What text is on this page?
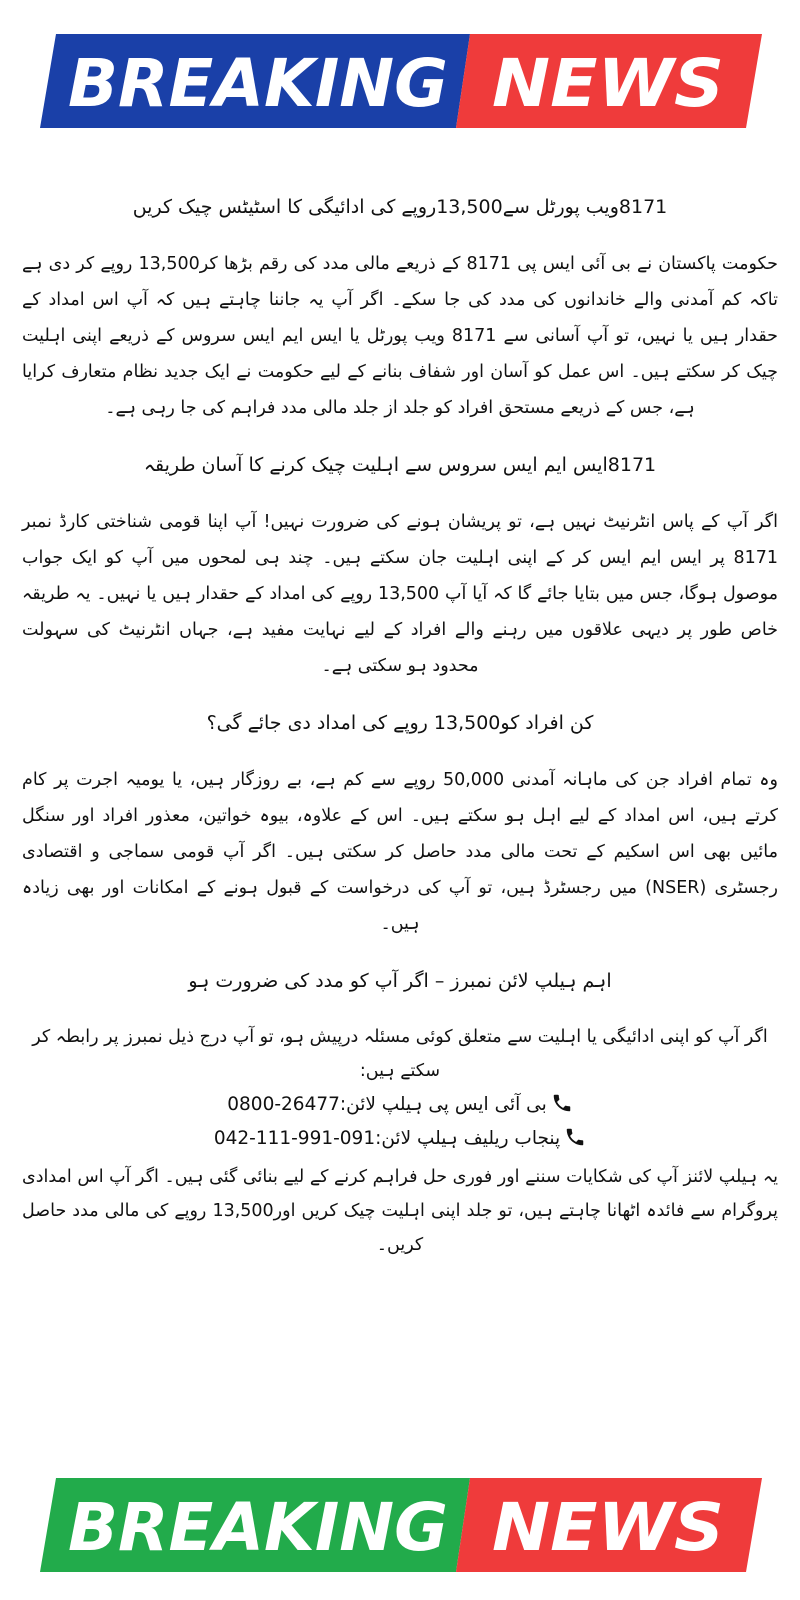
BREAKING NEWS
8171ویب پورٹل سے13,500روپے کی ادائیگی کا اسٹیٹس چیک کریں

حکومت پاکستان نے بی آئی ایس پی 8171 کے ذریعے مالی مدد کی رقم بڑھا کر13,500 روپے کر دی ہے تاکہ کم آمدنی والے خاندانوں کی مدد کی جا سکے۔ اگر آپ یہ جاننا چاہتے ہیں کہ آپ اس امداد کے حقدار ہیں یا نہیں، تو آپ آسانی سے 8171 ویب پورٹل یا ایس ایم ایس سروس کے ذریعے اپنی اہلیت چیک کر سکتے ہیں۔ اس عمل کو آسان اور شفاف بنانے کے لیے حکومت نے ایک جدید نظام متعارف کرایا ہے، جس کے ذریعے مستحق افراد کو جلد از جلد مالی مدد فراہم کی جا رہی ہے۔

8171ایس ایم ایس سروس سے اہلیت چیک کرنے کا آسان طریقہ

اگر آپ کے پاس انٹرنیٹ نہیں ہے، تو پریشان ہونے کی ضرورت نہیں! آپ اپنا قومی شناختی کارڈ نمبر 8171 پر ایس ایم ایس کر کے اپنی اہلیت جان سکتے ہیں۔ چند ہی لمحوں میں آپ کو ایک جواب موصول ہوگا، جس میں بتایا جائے گا کہ آیا آپ 13,500 روپے کی امداد کے حقدار ہیں یا نہیں۔ یہ طریقہ خاص طور پر دیہی علاقوں میں رہنے والے افراد کے لیے نہایت مفید ہے، جہاں انٹرنیٹ کی سہولت محدود ہو سکتی ہے۔

کن افراد کو13,500 روپے کی امداد دی جائے گی؟

وہ تمام افراد جن کی ماہانہ آمدنی 50,000 روپے سے کم ہے، بے روزگار ہیں، یا یومیہ اجرت پر کام کرتے ہیں، اس امداد کے لیے اہل ہو سکتے ہیں۔ اس کے علاوہ، بیوہ خواتین، معذور افراد اور سنگل مائیں بھی اس اسکیم کے تحت مالی مدد حاصل کر سکتی ہیں۔ اگر آپ قومی سماجی و اقتصادی رجسٹری (NSER) میں رجسٹرڈ ہیں، تو آپ کی درخواست کے قبول ہونے کے امکانات اور بھی زیادہ ہیں۔

اہم ہیلپ لائن نمبرز – اگر آپ کو مدد کی ضرورت ہو

اگر آپ کو اپنی ادائیگی یا اہلیت سے متعلق کوئی مسئلہ درپیش ہو، تو آپ درج ذیل نمبرز پر رابطہ کر سکتے ہیں:

بی آئی ایس پی ہیلپ لائن:0800-26477

پنجاب ریلیف ہیلپ لائن:042-111-991-091

یہ ہیلپ لائنز آپ کی شکایات سننے اور فوری حل فراہم کرنے کے لیے بنائی گئی ہیں۔ اگر آپ اس امدادی پروگرام سے فائدہ اٹھانا چاہتے ہیں، تو جلد اپنی اہلیت چیک کریں اور13,500 روپے کی مالی مدد حاصل کریں۔

BREAKING NEWS
